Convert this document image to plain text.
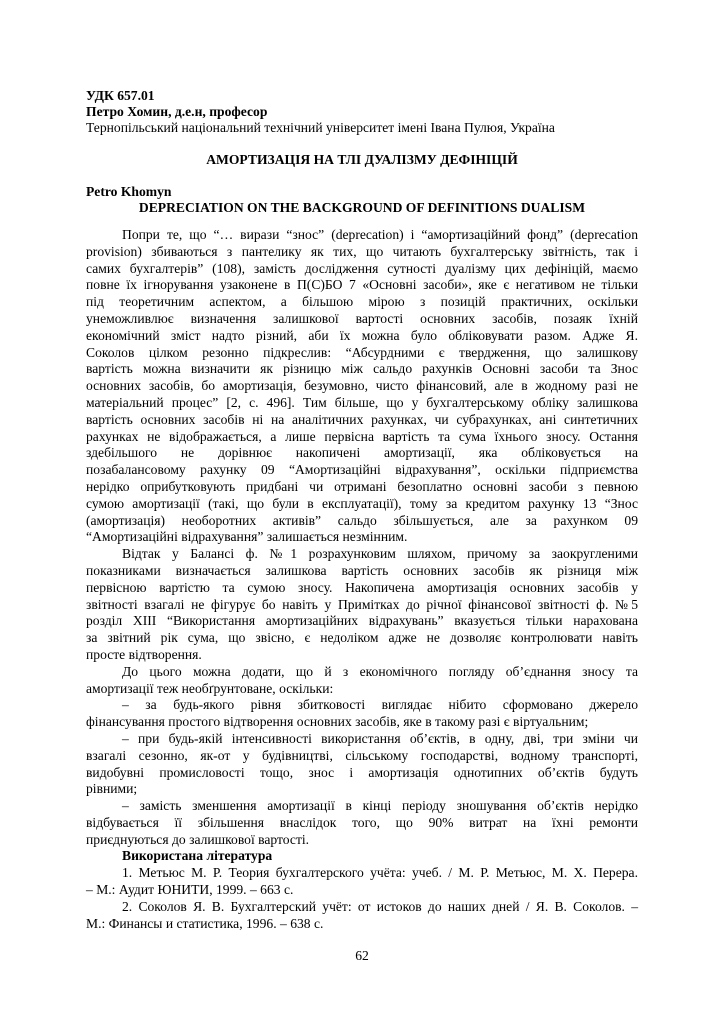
УДК 657.01
Петро Хомин, д.е.н, професор
Тернопільський національний технічний університет імені Івана Пулюя, Україна
АМОРТИЗАЦІЯ НА ТЛІ ДУАЛІЗМУ ДЕФІНІЦІЙ
Petro Khomyn
DEPRECIATION ON THE BACKGROUND OF DEFINITIONS DUALISM
Попри те, що “… вирази “знос” (deprecation) і “амортизаційний фонд” (deprecation
provision) збиваються з пантелику як тих, що читають бухгалтерську звітність, так і
самих бухгалтерів” (108), замість дослідження сутності дуалізму цих дефініцій, маємо
повне їх ігнорування узаконене в П(С)БО 7 «Основні засоби», яке є негативом не тільки
під теоретичним аспектом, а більшою мірою з позицій практичних, оскільки
унеможливлює визначення залишкової вартості основних засобів, позаяк їхній
економічний зміст надто різний, аби їх можна було обліковувати разом. Адже Я.
Соколов цілком резонно підкреслив: “Абсурдними є твердження, що залишкову
вартість можна визначити як різницю між сальдо рахунків Основні засоби та Знос
основних засобів, бо амортизація, безумовно, чисто фінансовий, але в жодному разі не
матеріальний процес” [2, с. 496]. Тим більше, що у бухгалтерському обліку залишкова
вартість основних засобів ні на аналітичних рахунках, чи субрахунках, ані синтетичних
рахунках не відображається, а лише первісна вартість та сума їхнього зносу. Остання
здебільшого не дорівнює накопичені амортизації, яка обліковується на
позабалансовому рахунку 09 “Амортизаційні відрахування”, оскільки підприємства
нерідко оприбутковують придбані чи отримані безоплатно основні засоби з певною
сумою амортизації (такі, що були в експлуатації), тому за кредитом рахунку 13 “Знос
(амортизація) необоротних активів” сальдо збільшується, але за рахунком 09
“Амортизаційні відрахування” залишається незмінним.
Відтак у Балансі ф. №1 розрахунковим шляхом, причому за заокругленими
показниками визначається залишкова вартість основних засобів як різниця між
первісною вартістю та сумою зносу. Накопичена амортизація основних засобів у
звітності взагалі не фігурує бо навіть у Примітках до річної фінансової звітності ф. №5
розділ XIII “Використання амортизаційних відрахувань” вказується тільки нарахована
за звітний рік сума, що звісно, є недоліком адже не дозволяє контролювати навіть
просте відтворення.
До цього можна додати, що й з економічного погляду об’єднання зносу та
амортизації теж необґрунтоване, оскільки:
– за будь-якого рівня збитковості виглядає нібито сформовано джерело
фінансування простого відтворення основних засобів, яке в такому разі є віртуальним;
– при будь-якій інтенсивності використання об’єктів, в одну, дві, три зміни чи
взагалі сезонно, як-от у будівництві, сільському господарстві, водному транспорті,
видобувні промисловості тощо, знос і амортизація однотипних об’єктів будуть
рівними;
– замість зменшення амортизації в кінці періоду зношування об’єктів нерідко
відбувається її збільшення внаслідок того, що 90% витрат на їхні ремонти
приєднуються до залишкової вартості.
Використана література
1. Метьюс М. Р. Теория бухгалтерского учёта: учеб. / М. Р. Метьюс, М. Х. Перера.
– М.: Аудит ЮНИТИ, 1999. – 663 с.
2. Соколов Я. В. Бухгалтерский учёт: от истоков до наших дней / Я. В. Соколов. –
М.: Финансы и статистика, 1996. – 638 с.
62
